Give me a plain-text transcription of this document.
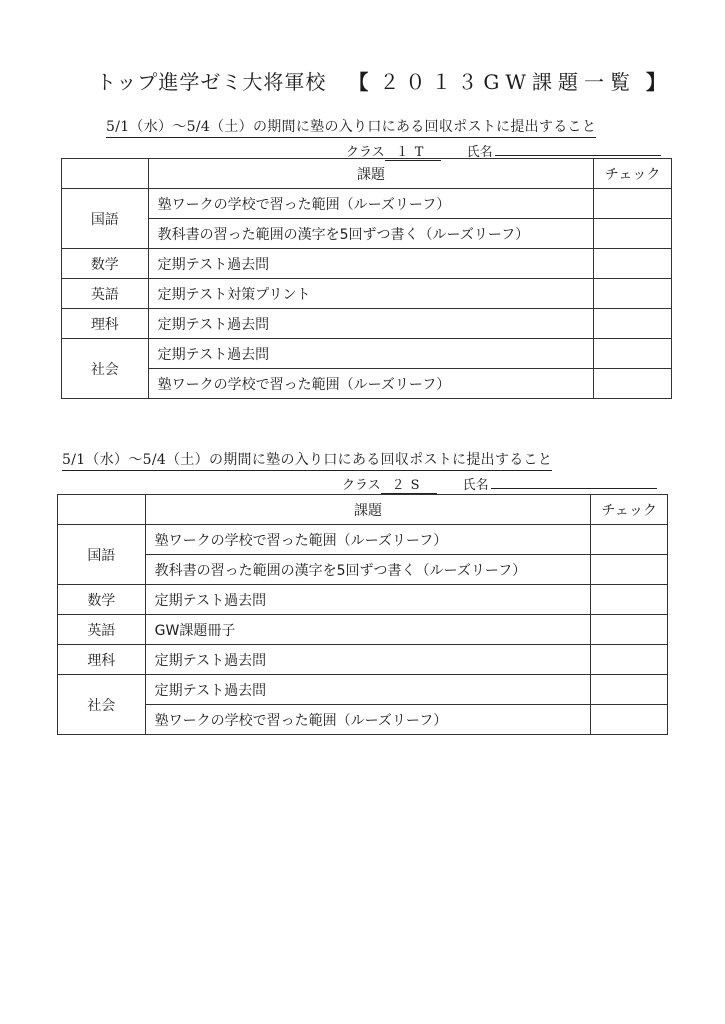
トップ進学ゼミ大将軍校 【 ２０１３GW課題一覧 】
5/1（水）～5/4（土）の期間に塾の入り口にある回収ポストに提出すること
クラス １T	氏名
	課題	チェック
国語	塾ワークの学校で習った範囲（ルーズリーフ）	
	教科書の習った範囲の漢字を5回ずつ書く（ルーズリーフ）	
数学	定期テスト過去問	
英語	定期テスト対策プリント	
理科	定期テスト過去問	
社会	定期テスト過去問	
	塾ワークの学校で習った範囲（ルーズリーフ）	
5/1（水）～5/4（土）の期間に塾の入り口にある回収ポストに提出すること
クラス ２S	氏名
	課題	チェック
国語	塾ワークの学校で習った範囲（ルーズリーフ）	
	教科書の習った範囲の漢字を5回ずつ書く（ルーズリーフ）	
数学	定期テスト過去問	
英語	GW課題冊子	
理科	定期テスト過去問	
社会	定期テスト過去問	
	塾ワークの学校で習った範囲（ルーズリーフ）	
